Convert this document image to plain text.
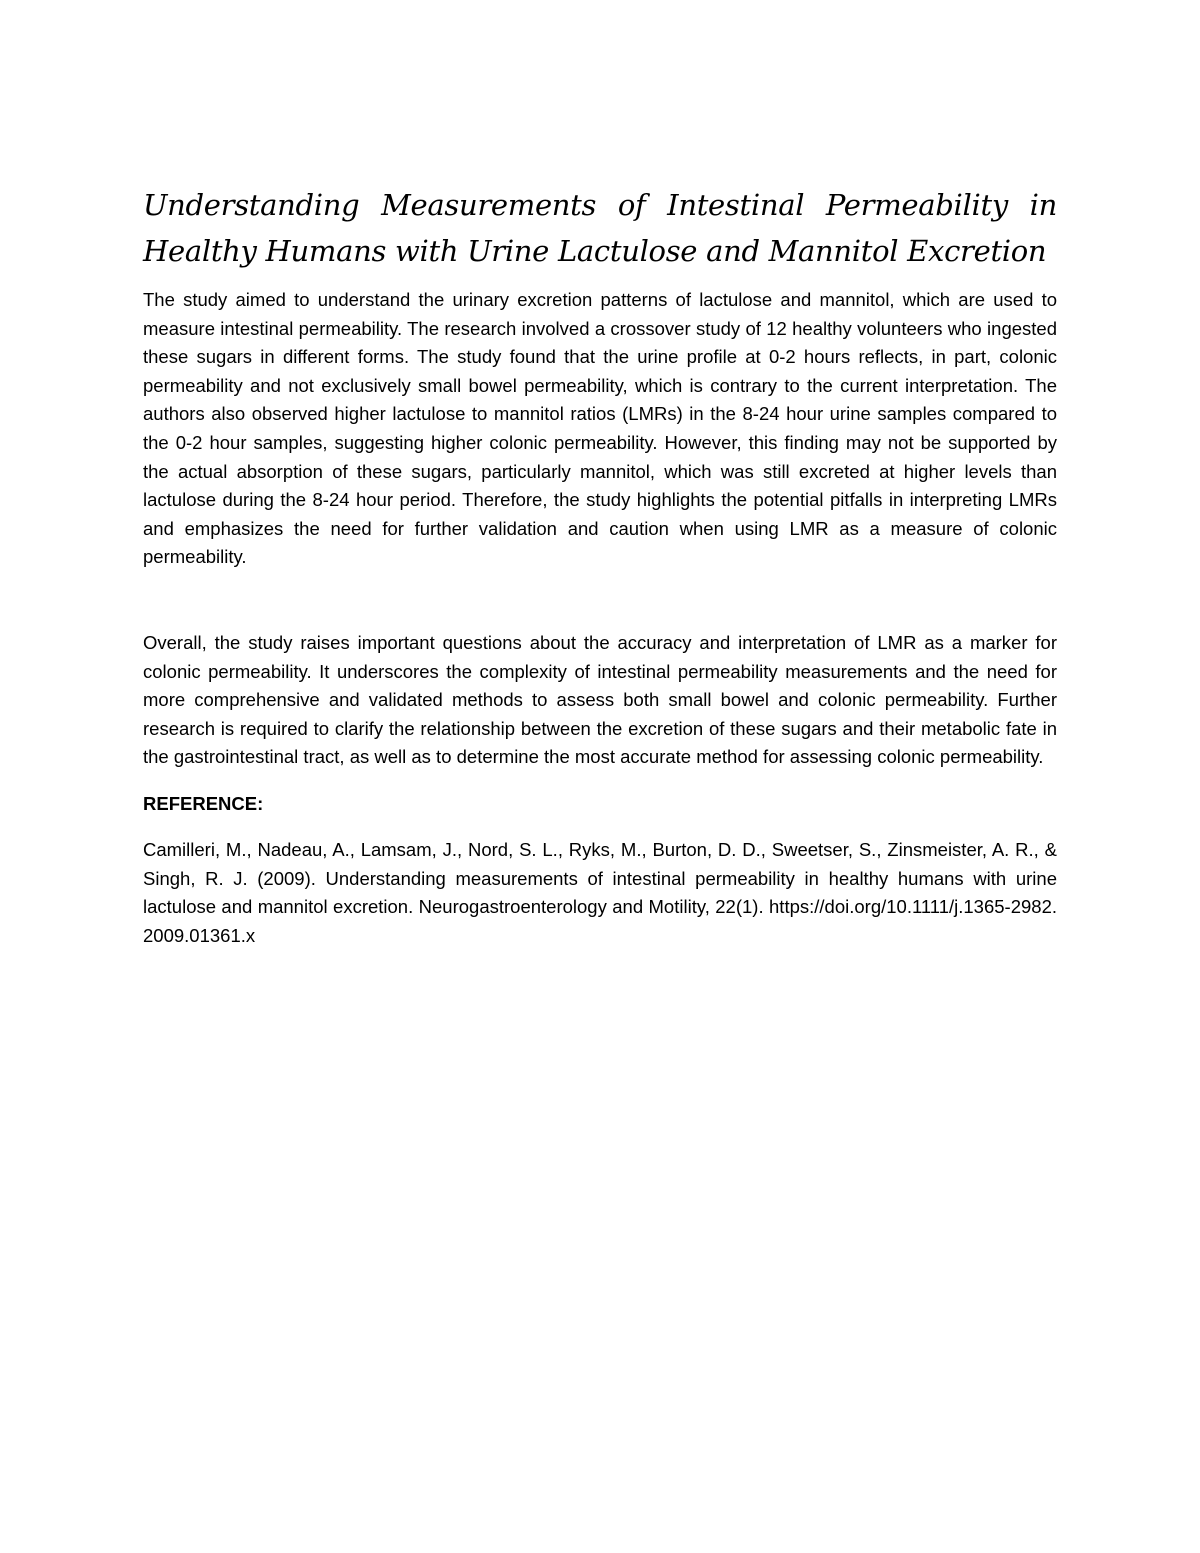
Understanding Measurements of Intestinal Permeability in Healthy Humans with Urine Lactulose and Mannitol Excretion

The study aimed to understand the urinary excretion patterns of lactulose and mannitol, which are used to measure intestinal permeability. The research involved a crossover study of 12 healthy volunteers who ingested these sugars in different forms. The study found that the urine profile at 0-2 hours reflects, in part, colonic permeability and not exclusively small bowel permeability, which is contrary to the current interpretation. The authors also observed higher lactulose to mannitol ratios (LMRs) in the 8-24 hour urine samples compared to the 0-2 hour samples, suggesting higher colonic permeability. However, this finding may not be supported by the actual absorption of these sugars, particularly mannitol, which was still excreted at higher levels than lactulose during the 8-24 hour period. Therefore, the study highlights the potential pitfalls in interpreting LMRs and emphasizes the need for further validation and caution when using LMR as a measure of colonic permeability.

Overall, the study raises important questions about the accuracy and interpretation of LMR as a marker for colonic permeability. It underscores the complexity of intestinal permeability measurements and the need for more comprehensive and validated methods to assess both small bowel and colonic permeability. Further research is required to clarify the relationship between the excretion of these sugars and their metabolic fate in the gastrointestinal tract, as well as to determine the most accurate method for assessing colonic permeability.

REFERENCE:

Camilleri, M., Nadeau, A., Lamsam, J., Nord, S. L., Ryks, M., Burton, D. D., Sweetser, S., Zinsmeister, A. R., & Singh, R. J. (2009). Understanding measurements of intestinal permeability in healthy humans with urine lactulose and mannitol excretion. Neurogastroenterology and Motility, 22(1). https://doi.org/10.1111/j.1365-2982.2009.01361.x
